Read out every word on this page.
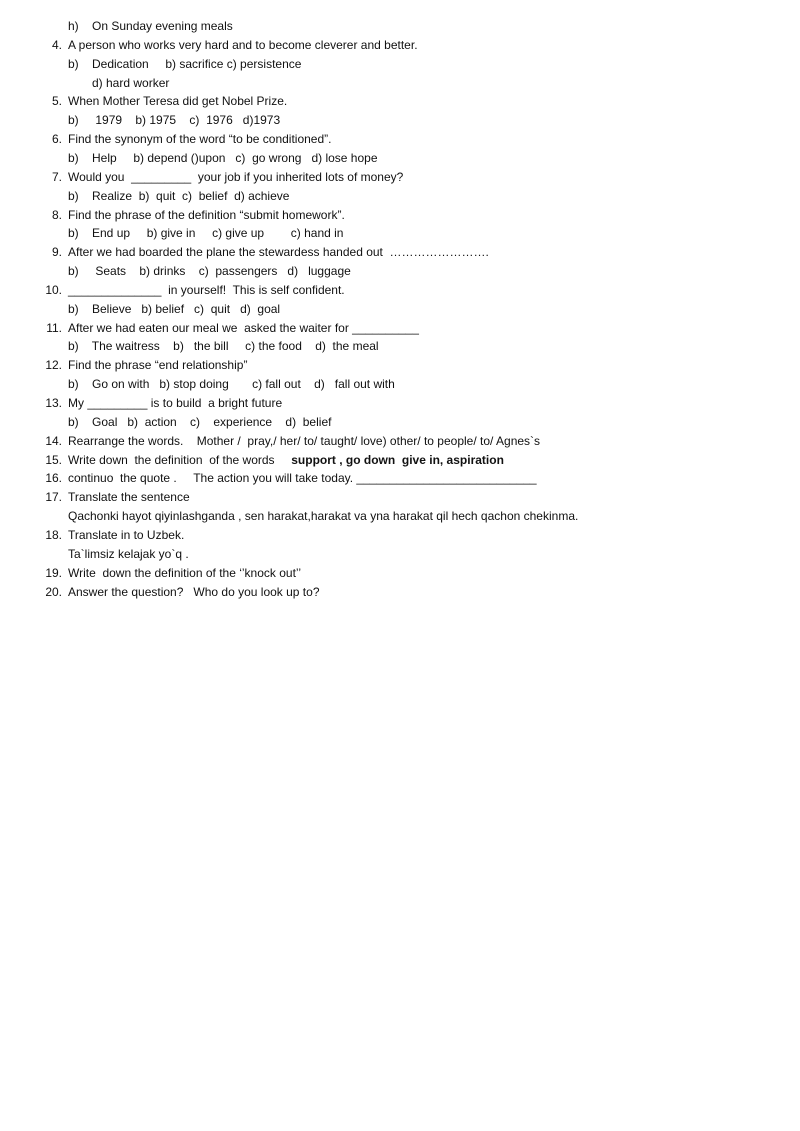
h)    On Sunday evening meals
4. A person who works very hard and to become cleverer and better.
b)    Dedication     b) sacrifice c) persistence
d) hard worker
5. When Mother Teresa did get Nobel Prize.
b)     1979    b) 1975    c)  1976   d)1973
6. Find the synonym of the word “to be conditioned”.
b)    Help     b) depend ()upon   c)  go wrong   d) lose hope
7. Would you  _________  your job if you inherited lots of money?
b)    Realize  b)  quit  c)  belief  d) achieve
8. Find the phrase of the definition “submit homework”.
b)    End up     b) give in     c) give up        c) hand in
9. After we had boarded the plane the stewardess handed out  …………………….
b)     Seats    b) drinks    c)  passengers   d)   luggage
10. ______________  in yourself!  This is self confident.
b)    Believe   b) belief   c)  quit   d)  goal
11. After we had eaten our meal we  asked the waiter for __________
b)    The waitress    b)   the bill     c) the food    d)  the meal
12. Find the phrase “end relationship”
b)    Go on with   b) stop doing       c) fall out    d)   fall out with
13. My _________ is to build  a bright future
b)    Goal   b)  action    c)    experience    d)  belief
14. Rearrange the words.    Mother /  pray,/ her/ to/ taught/ love) other/ to people/ to/ Agnes`s
15. Write down  the definition  of the words     support , go down  give in, aspiration
16. continuo  the quote .     The action you will take today. ___________________________
17. Translate the sentence
Qachonki hayot qiyinlashganda , sen harakat,harakat va yna harakat qil hech qachon chekinma.
18. Translate in to Uzbek.
Ta`limsiz kelajak yo`q .
19. Write  down the definition of the ‘’knock out’’
20. Answer the question?   Who do you look up to?
